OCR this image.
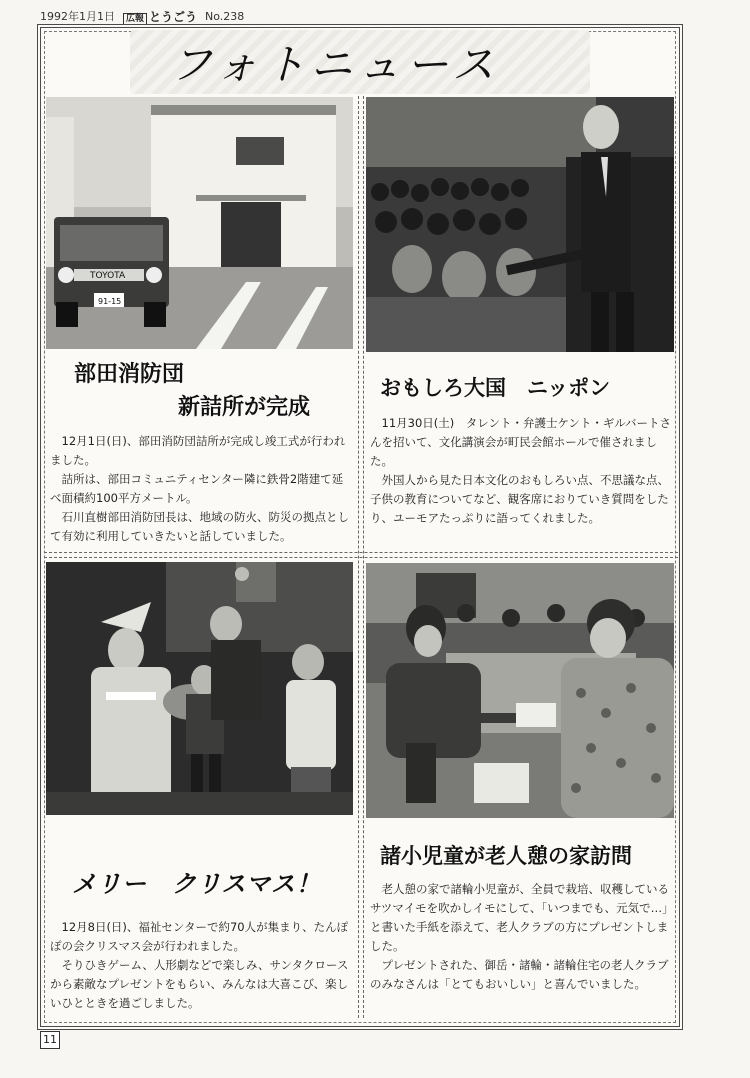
1992年1月1日	広報 とうごう No.238
フォトニュース
TOYOTA
91-15
部田消防団
新詰所が完成

12月1日(日)、部田消防団詰所が完成し竣工式が行われました。

詰所は、部田コミュニティセンター隣に鉄骨2階建て延べ面積約100平方メートル。

石川直樹部田消防団長は、地域の防火、防災の拠点として有効に利用していきたいと話していました。

おもしろ大国　ニッポン

11月30日(土)　タレント・弁護士ケント・ギルバートさんを招いて、文化講演会が町民会館ホールで催されました。

外国人から見た日本文化のおもしろい点、不思議な点、子供の教育についてなど、観客席におりていき質問をしたり、ユーモアたっぷりに語ってくれました。

メリー　クリスマス！

12月8日(日)、福祉センターで約70人が集まり、たんぽぽの会クリスマス会が行われました。

そりひきゲーム、人形劇などで楽しみ、サンタクロースから素敵なプレゼントをもらい、みんなは大喜こび、楽しいひとときを過ごしました。

諸小児童が老人憩の家訪問

老人憩の家で諸輪小児童が、全員で栽培、収穫しているサツマイモを吹かしイモにして、「いつまでも、元気で…」と書いた手紙を添えて、老人クラブの方にプレゼントしました。

プレゼントされた、御岳・諸輪・諸輪住宅の老人クラブのみなさんは「とてもおいしい」と喜んでいました。

11
